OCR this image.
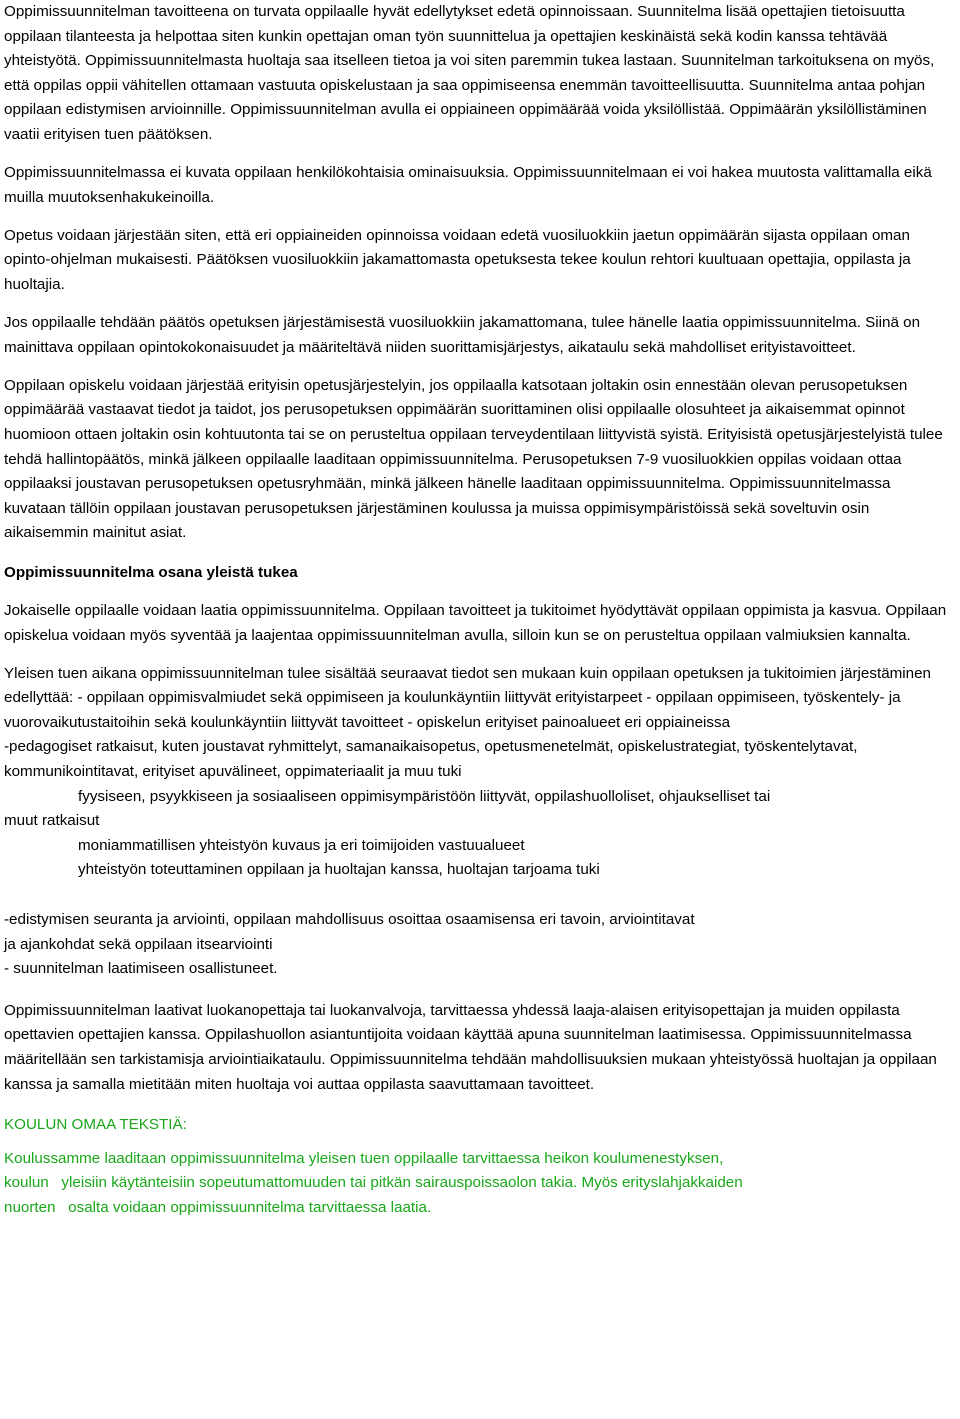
Oppimissuunnitelman tavoitteena on turvata oppilaalle hyvät edellytykset edetä opinnoissaan. Suunnitelma lisää opettajien tietoisuutta oppilaan tilanteesta ja helpottaa siten kunkin opettajan oman työn suunnittelua ja opettajien keskinäistä sekä kodin kanssa tehtävää yhteistyötä. Oppimissuunnitelmasta huoltaja saa itselleen tietoa ja voi siten paremmin tukea lastaan. Suunnitelman tarkoituksena on myös, että oppilas oppii vähitellen ottamaan vastuuta opiskelustaan ja saa oppimiseensa enemmän tavoitteellisuutta. Suunnitelma antaa pohjan oppilaan edistymisen arvioinnille. Oppimissuunnitelman avulla ei oppiaineen oppimäärää voida yksilöllistää. Oppimäärän yksilöllistäminen vaatii erityisen tuen päätöksen.

Oppimissuunnitelmassa ei kuvata oppilaan henkilökohtaisia ominaisuuksia. Oppimissuunnitelmaan ei voi hakea muutosta valittamalla eikä muilla muutoksenhakukeinoilla.

Opetus voidaan järjestään siten, että eri oppiaineiden opinnoissa voidaan edetä vuosiluokkiin jaetun oppimäärän sijasta oppilaan oman opinto-ohjelman mukaisesti. Päätöksen vuosiluokkiin jakamattomasta opetuksesta tekee koulun rehtori kuultuaan opettajia, oppilasta ja huoltajia.

Jos oppilaalle tehdään päätös opetuksen järjestämisestä vuosiluokkiin jakamattomana, tulee hänelle laatia oppimissuunnitelma. Siinä on mainittava oppilaan opintokokonaisuudet ja määriteltävä niiden suorittamisjärjestys, aikataulu sekä mahdolliset erityistavoitteet.

Oppilaan opiskelu voidaan järjestää erityisin opetusjärjestelyin, jos oppilaalla katsotaan joltakin osin ennestään olevan perusopetuksen oppimäärää vastaavat tiedot ja taidot, jos perusopetuksen oppimäärän suorittaminen olisi oppilaalle olosuhteet ja aikaisemmat opinnot huomioon ottaen joltakin osin kohtuutonta tai se on perusteltua oppilaan terveydentilaan liittyvistä syistä. Erityisistä opetusjärjestelyistä tulee tehdä hallintopäätös, minkä jälkeen oppilaalle laaditaan oppimissuunnitelma. Perusopetuksen 7-9 vuosiluokkien oppilas voidaan ottaa oppilaaksi joustavan perusopetuksen opetusryhmään, minkä jälkeen hänelle laaditaan oppimissuunnitelma. Oppimissuunnitelmassa kuvataan tällöin oppilaan joustavan perusopetuksen järjestäminen koulussa ja muissa oppimisympäristöissä sekä soveltuvin osin aikaisemmin mainitut asiat.

Oppimissuunnitelma osana yleistä tukea

Jokaiselle oppilaalle voidaan laatia oppimissuunnitelma. Oppilaan tavoitteet ja tukitoimet hyödyttävät oppilaan oppimista ja kasvua. Oppilaan opiskelua voidaan myös syventää ja laajentaa oppimissuunnitelman avulla, silloin kun se on perusteltua oppilaan valmiuksien kannalta.

Yleisen tuen aikana oppimissuunnitelman tulee sisältää seuraavat tiedot sen mukaan kuin oppilaan opetuksen ja tukitoimien järjestäminen edellyttää: - oppilaan oppimisvalmiudet sekä oppimiseen ja koulunkäyntiin liittyvät erityistarpeet - oppilaan oppimiseen, työskentely- ja vuorovaikutustaitoihin sekä koulunkäyntiin liittyvät tavoitteet - opiskelun erityiset painoalueet eri oppiaineissa

-pedagogiset ratkaisut, kuten joustavat ryhmittelyt, samanaikaisopetus, opetusmenetelmät, opiskelustrategiat, työskentelytavat, kommunikointitavat, erityiset apuvälineet, oppimateriaalit ja muu tuki

fyysiseen, psyykkiseen ja sosiaaliseen oppimisympäristöön liittyvät, oppilashuolloliset, ohjaukselliset tai

muut ratkaisut

moniammatillisen yhteistyön kuvaus ja eri toimijoiden vastuualueet

yhteistyön toteuttaminen oppilaan ja huoltajan kanssa, huoltajan tarjoama tuki

-edistymisen seuranta ja arviointi, oppilaan mahdollisuus osoittaa osaamisensa eri tavoin, arviointitavat

ja ajankohdat sekä oppilaan itsearviointi

- suunnitelman laatimiseen osallistuneet.

Oppimissuunnitelman laativat luokanopettaja tai luokanvalvoja, tarvittaessa yhdessä laaja-alaisen erityisopettajan ja muiden oppilasta opettavien opettajien kanssa. Oppilashuollon asiantuntijoita voidaan käyttää apuna suunnitelman laatimisessa. Oppimissuunnitelmassa määritellään sen tarkistamisja arviointiaikataulu. Oppimissuunnitelma tehdään mahdollisuuksien mukaan yhteistyössä huoltajan ja oppilaan kanssa ja samalla mietitään miten huoltaja voi auttaa oppilasta saavuttamaan tavoitteet.

KOULUN OMAA TEKSTIÄ:

Koulussamme laaditaan oppimissuunnitelma yleisen tuen oppilaalle tarvittaessa heikon koulumenestyksen,

koulun   yleisiin käytänteisiin sopeutumattomuuden tai pitkän sairauspoissaolon takia. Myös erityslahjakkaiden

nuorten   osalta voidaan oppimissuunnitelma tarvittaessa laatia.
